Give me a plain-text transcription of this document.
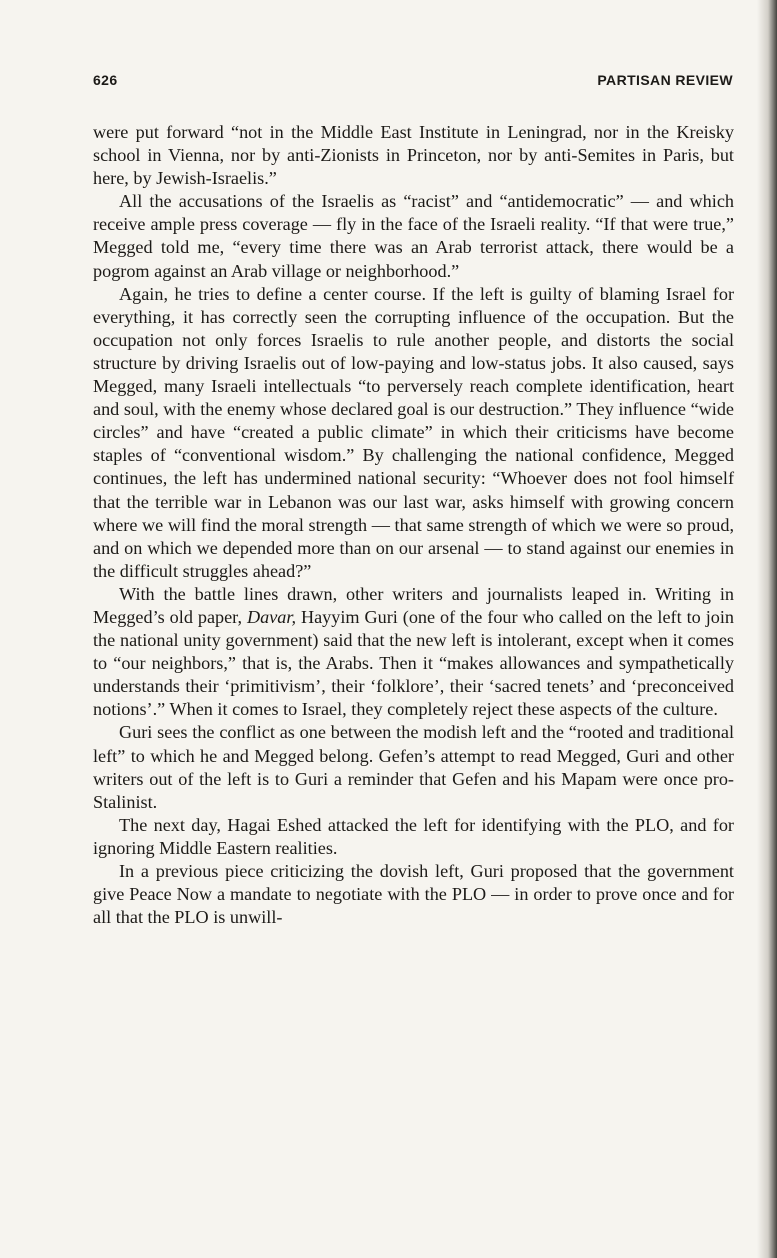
626	PARTISAN REVIEW

were put forward “not in the Middle East Institute in Leningrad, nor in the Kreisky school in Vienna, nor by anti-Zionists in Princeton, nor by anti-Semites in Paris, but here, by Jewish-Israelis.”

All the accusations of the Israelis as “racist” and “antidemocratic” — and which receive ample press coverage — fly in the face of the Israeli reality. “If that were true,” Megged told me, “every time there was an Arab terrorist attack, there would be a pogrom against an Arab village or neighborhood.”

Again, he tries to define a center course. If the left is guilty of blaming Israel for everything, it has correctly seen the corrupting influence of the occupation. But the occupation not only forces Israelis to rule another people, and distorts the social structure by driving Israelis out of low-paying and low-status jobs. It also caused, says Megged, many Israeli intellectuals “to perversely reach complete identification, heart and soul, with the enemy whose declared goal is our destruction.” They influence “wide circles” and have “created a public climate” in which their criticisms have become staples of “conventional wisdom.” By challenging the national confidence, Megged continues, the left has undermined national security: “Whoever does not fool himself that the terrible war in Lebanon was our last war, asks himself with growing concern where we will find the moral strength — that same strength of which we were so proud, and on which we depended more than on our arsenal — to stand against our enemies in the difficult struggles ahead?”

With the battle lines drawn, other writers and journalists leaped in. Writing in Megged’s old paper, Davar, Hayyim Guri (one of the four who called on the left to join the national unity government) said that the new left is intolerant, except when it comes to “our neighbors,” that is, the Arabs. Then it “makes allowances and sympathetically understands their ‘primitivism’, their ‘folklore’, their ‘sacred tenets’ and ‘preconceived notions’.” When it comes to Israel, they completely reject these aspects of the culture.

Guri sees the conflict as one between the modish left and the “rooted and traditional left” to which he and Megged belong. Gefen’s attempt to read Megged, Guri and other writers out of the left is to Guri a reminder that Gefen and his Mapam were once pro-Stalinist.

The next day, Hagai Eshed attacked the left for identifying with the PLO, and for ignoring Middle Eastern realities.

In a previous piece criticizing the dovish left, Guri proposed that the government give Peace Now a mandate to negotiate with the PLO — in order to prove once and for all that the PLO is unwill-
